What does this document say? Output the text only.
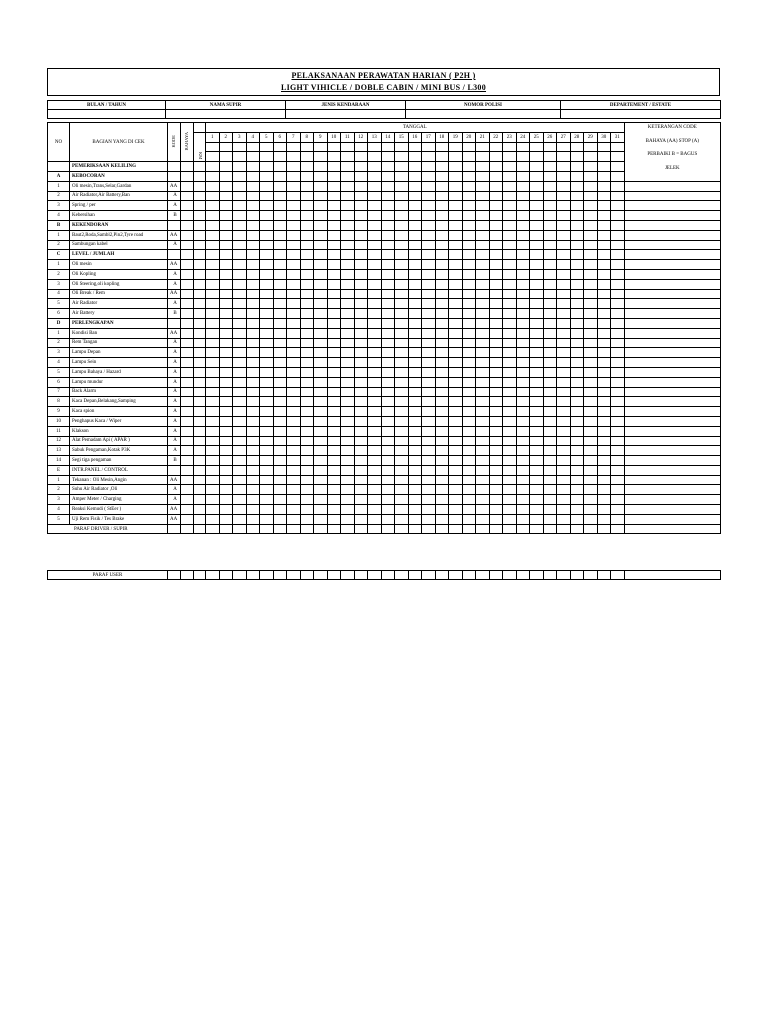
PELAKSANAAN PERAWATAN HARIAN ( P2H )
LIGHT VIHICLE / DOBLE CABIN / MINI BUS / L300
BULAN / TAHUN	NAMA SUPIR	JENIS KENDARAAN	NOMOR POLISI	DEPARTEMENT / ESTATE

NO	BAGIAN YANG DI CEK	KODE	BAHAYA		TANGGAL																															KETERANGAN CODE
BAHAYA (AA) STOP (A)
PERBAIKI B = BAGUS
JELEK

				KM	1	2	3	4	5	6	7	8	9	10	11	12	13	14	15	16	17	18	19	20	21	22	23	24	25	26	27	28	29	30	31	

	PEMERIKSAAN KELILING																																			
A	KEBOCORAN																																			
1	Oli mesin,Trans,Selar,Gardan	AA																																		
2	Air Radiator,Air Battery,Ban	A																																		
3	Spring / per	A																																		
4	Kebersihan	B																																		
B	KEKENDORAN																																			
1	Baut2,Roda,Sambl2,Pin2,Tyre road	AA																																		
2	Sambungan kabel	A																																		
C	LEVEL / JUMLAH																																			
1	Oli mesin	AA																																		
2	Oli Kopling	A																																		
3	Oli Steering,oli kopling	A																																		
4	Oli Break / Rem	AA																																		
5	Air Radiator	A																																		
6	Air Battery	B																																		
D	PERLENGKAPAN																																			
1	Kondisi Ban	AA																																		
2	Rem Tangan	A																																		
3	Lampu Depan	A																																		
4	Lampu Sein	A																																		
5	Lampu Bahaya / Hazard	A																																		
6	Lampu mundur	A																																		
7	Back Alarm	A																																		
8	Kaca Depan,Belakang,Samping	A																																		
9	Kaca spion	A																																		
10	Penghapus Kaca / Wiper	A																																		
11	Klakson	A																																		
12	Alat Pemadam Api ( APAR )	A																																		
13	Sabuk Pengaman,Kotak P3K	A																																		
14	Segi tiga pengaman	B																																		
E	INTR.PANEL / CONTROL																																			
1	Tekanan : Oli Mesin,Angin	AA																																		
2	Suhu Air Radiator ,Oli	A																																		
3	Amper Meter / Charging	A																																		
4	Reaksi Kemudi ( StEer )	AA																																		
5	Uji Rem Fisik / Tes Brake	AA																																		
PARAF DRIVER / SUPIR																																				
PARAF USER																																			
